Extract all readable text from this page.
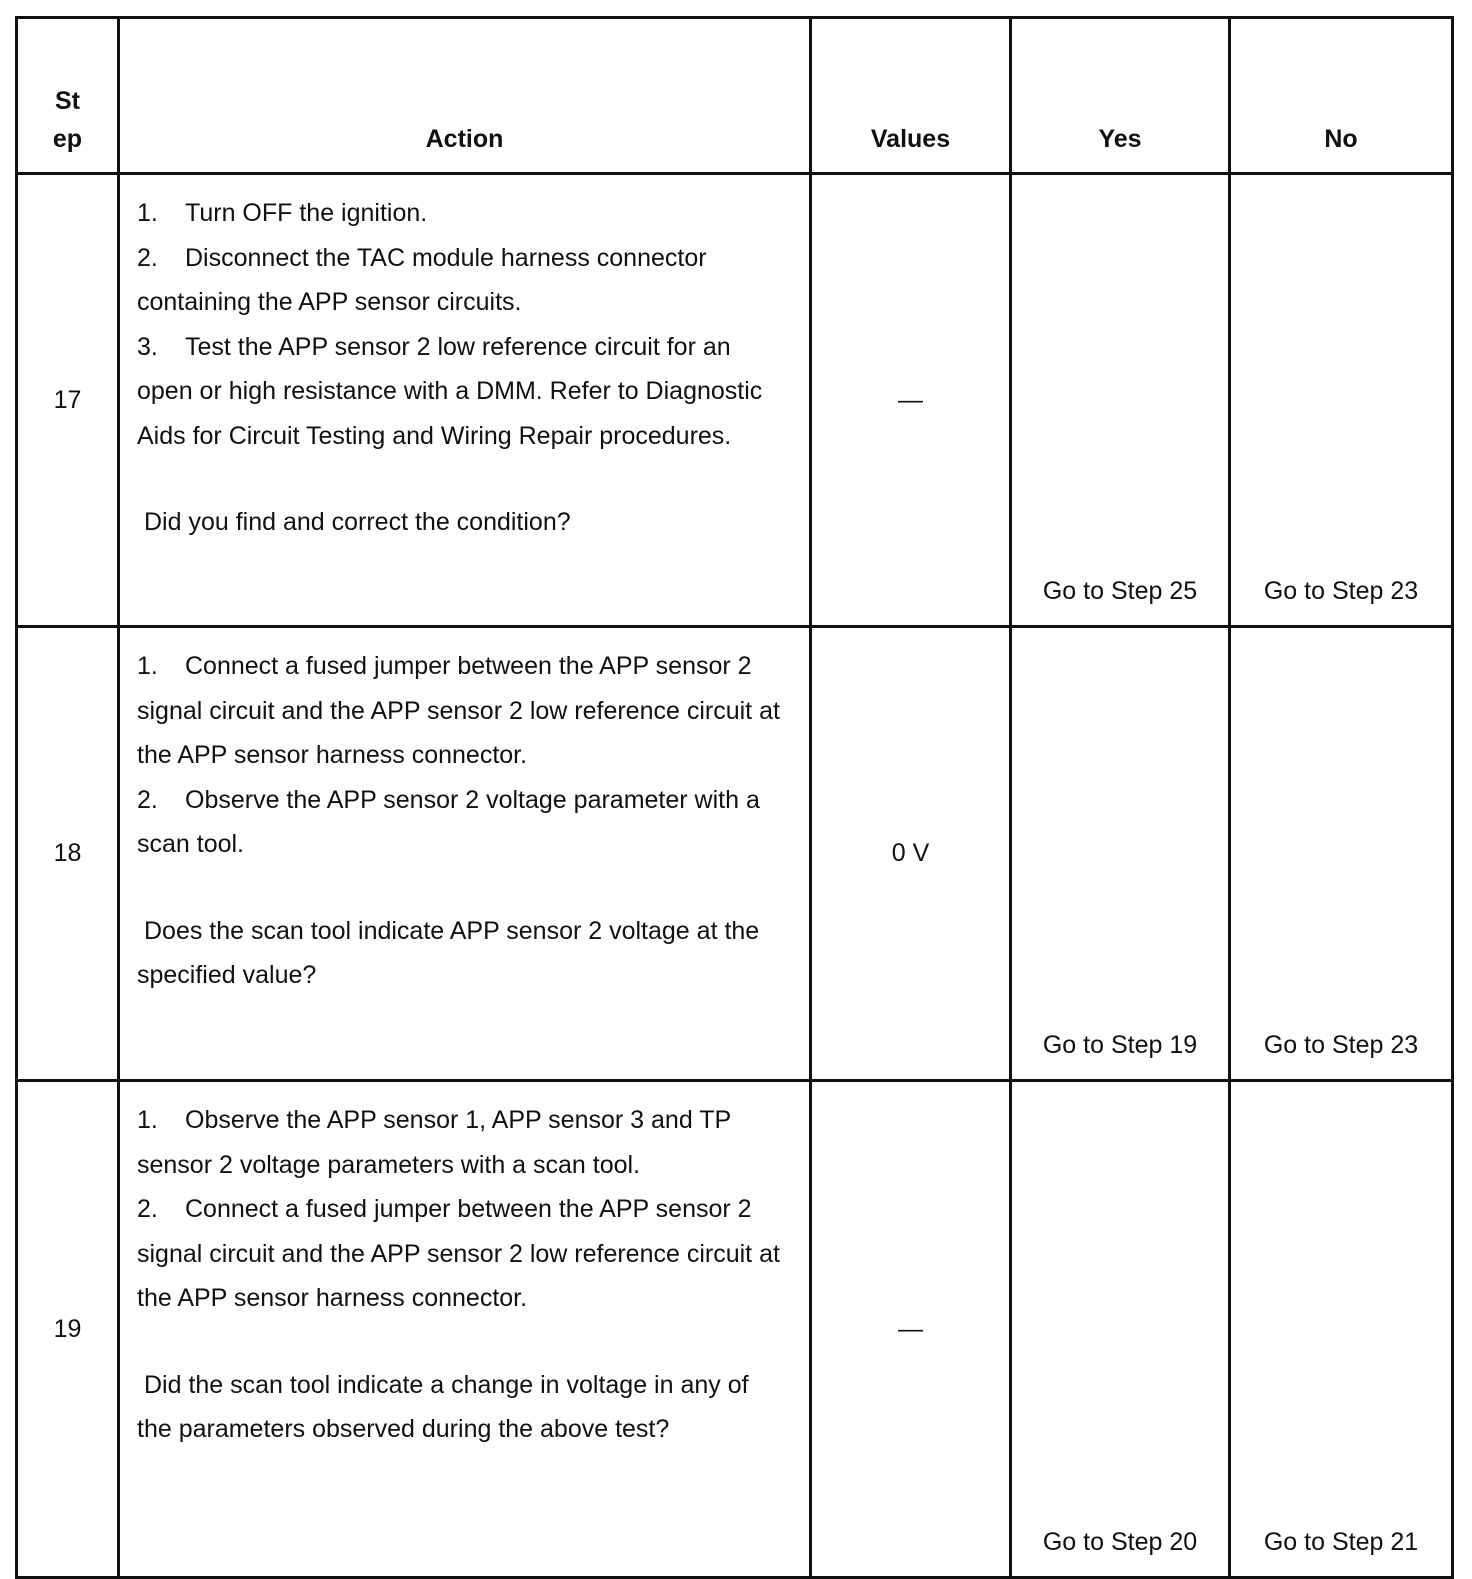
St
ep	Action	Values	Yes	No
17	1. Turn OFF the ignition.
2. Disconnect the TAC module harness connector containing the APP sensor circuits.
3. Test the APP sensor 2 low reference circuit for an open or high resistance with a DMM. Refer to Diagnostic Aids for Circuit Testing and Wiring Repair procedures.
Did you find and correct the condition?	—	Go to Step 25	Go to Step 23
18	1. Connect a fused jumper between the APP sensor 2 signal circuit and the APP sensor 2 low reference circuit at the APP sensor harness connector.
2. Observe the APP sensor 2 voltage parameter with a scan tool.
Does the scan tool indicate APP sensor 2 voltage at the specified value?	0 V	Go to Step 19	Go to Step 23
19	1. Observe the APP sensor 1, APP sensor 3 and TP sensor 2 voltage parameters with a scan tool.
2. Connect a fused jumper between the APP sensor 2 signal circuit and the APP sensor 2 low reference circuit at the APP sensor harness connector.
Did the scan tool indicate a change in voltage in any of the parameters observed during the above test?	—	Go to Step 20	Go to Step 21
